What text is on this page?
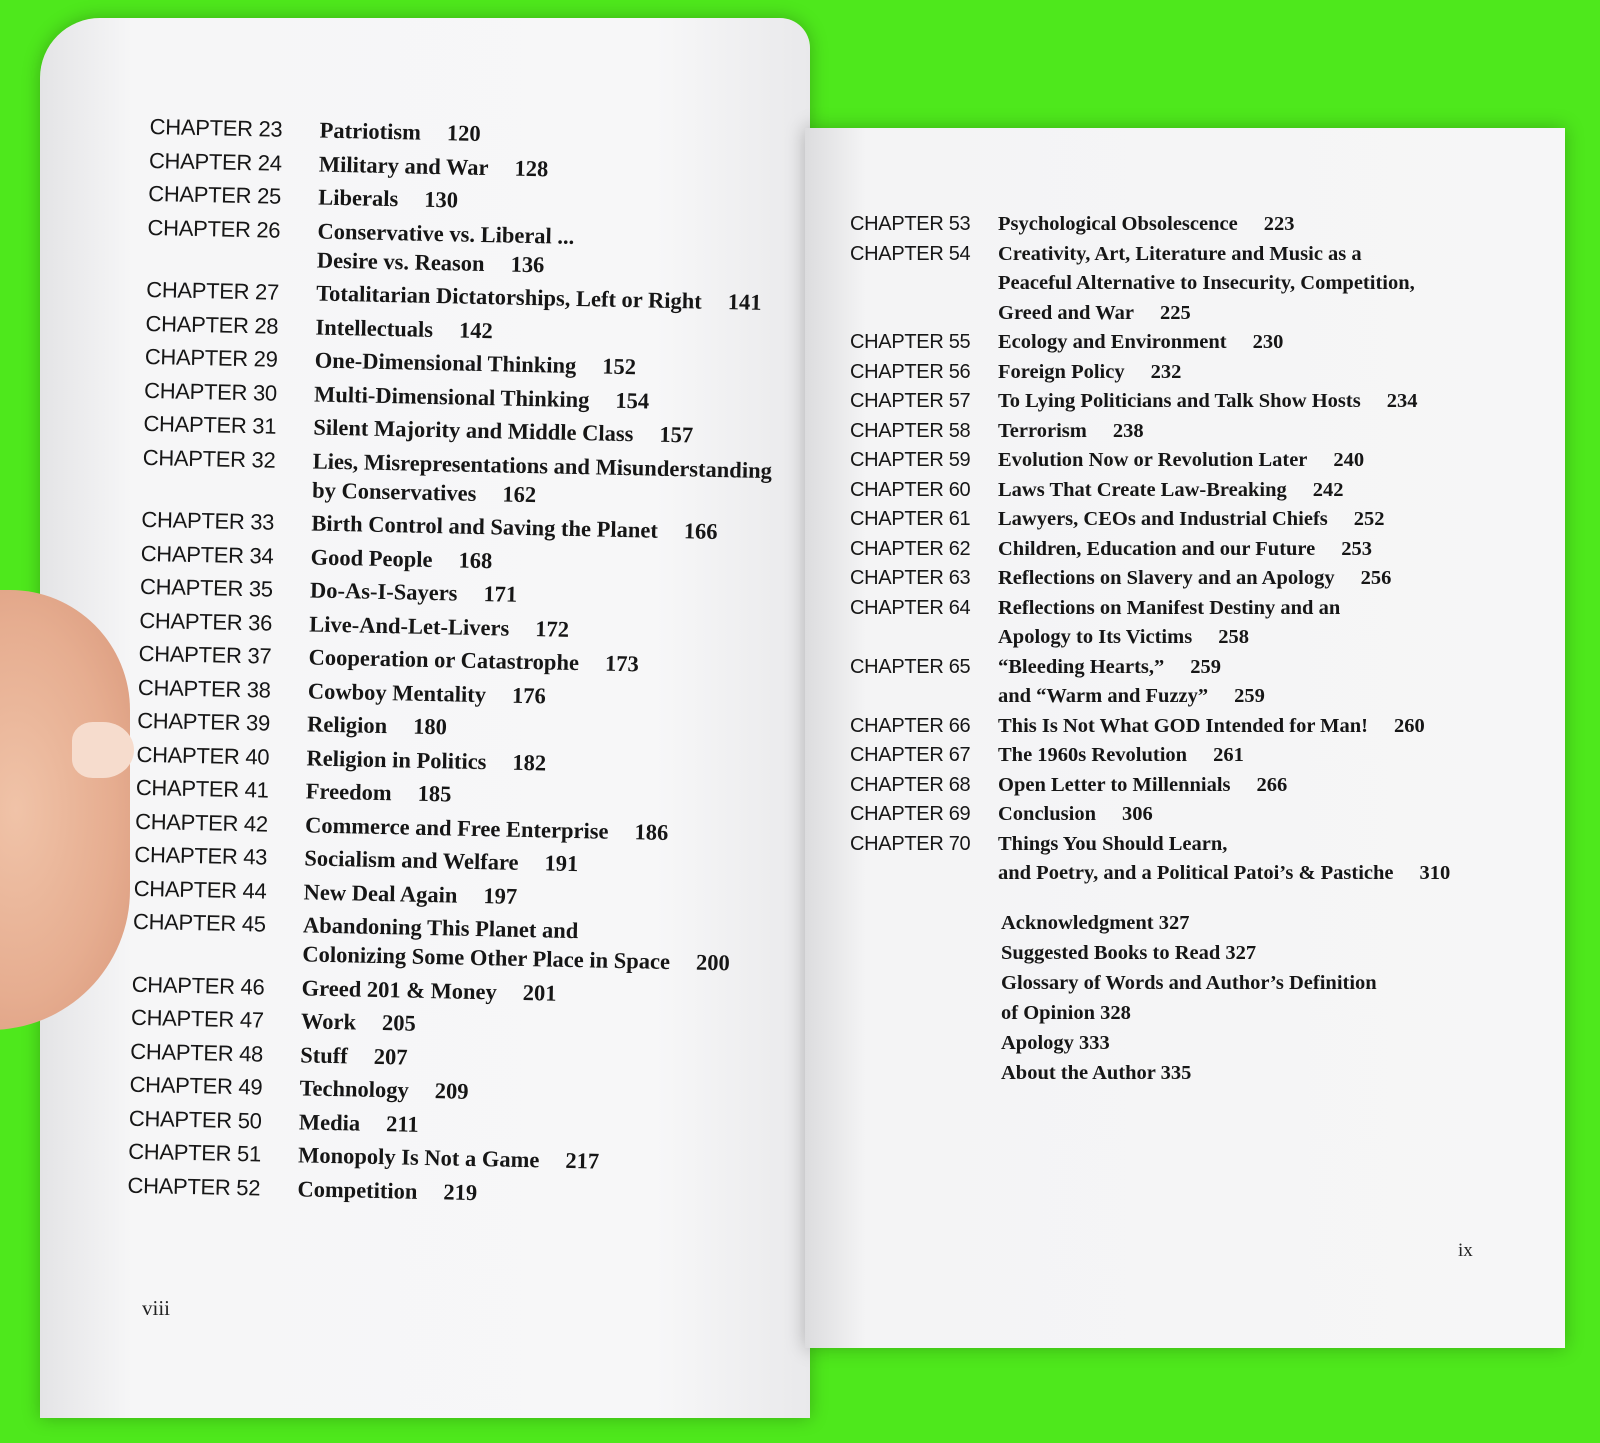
CHAPTER 23	Patriotism 120
CHAPTER 24	Military and War 128
CHAPTER 25	Liberals 130
CHAPTER 26	Conservative vs. Liberal ...
Desire vs. Reason 136
CHAPTER 27	Totalitarian Dictatorships, Left or Right 141
CHAPTER 28	Intellectuals 142
CHAPTER 29	One-Dimensional Thinking 152
CHAPTER 30	Multi-Dimensional Thinking 154
CHAPTER 31	Silent Majority and Middle Class 157
CHAPTER 32	Lies, Misrepresentations and Misunderstanding
by Conservatives 162
CHAPTER 33	Birth Control and Saving the Planet 166
CHAPTER 34	Good People 168
CHAPTER 35	Do-As-I-Sayers 171
CHAPTER 36	Live-And-Let-Livers 172
CHAPTER 37	Cooperation or Catastrophe 173
CHAPTER 38	Cowboy Mentality 176
CHAPTER 39	Religion 180
CHAPTER 40	Religion in Politics 182
CHAPTER 41	Freedom 185
CHAPTER 42	Commerce and Free Enterprise 186
CHAPTER 43	Socialism and Welfare 191
CHAPTER 44	New Deal Again 197
CHAPTER 45	Abandoning This Planet and
Colonizing Some Other Place in Space 200
CHAPTER 46	Greed 201 & Money 201
CHAPTER 47	Work 205
CHAPTER 48	Stuff 207
CHAPTER 49	Technology 209
CHAPTER 50	Media 211
CHAPTER 51	Monopoly Is Not a Game 217
CHAPTER 52	Competition 219
CHAPTER 53	Psychological Obsolescence 223
CHAPTER 54	Creativity, Art, Literature and Music as a
Peaceful Alternative to Insecurity, Competition,
Greed and War 225
CHAPTER 55	Ecology and Environment 230
CHAPTER 56	Foreign Policy 232
CHAPTER 57	To Lying Politicians and Talk Show Hosts 234
CHAPTER 58	Terrorism 238
CHAPTER 59	Evolution Now or Revolution Later 240
CHAPTER 60	Laws That Create Law-Breaking 242
CHAPTER 61	Lawyers, CEOs and Industrial Chiefs 252
CHAPTER 62	Children, Education and our Future 253
CHAPTER 63	Reflections on Slavery and an Apology 256
CHAPTER 64	Reflections on Manifest Destiny and an
Apology to Its Victims 258
CHAPTER 65	“Bleeding Hearts,” 259
and “Warm and Fuzzy” 259
CHAPTER 66	This Is Not What GOD Intended for Man! 260
CHAPTER 67	The 1960s Revolution 261
CHAPTER 68	Open Letter to Millennials 266
CHAPTER 69	Conclusion 306
CHAPTER 70	Things You Should Learn,
and Poetry, and a Political Patoi’s & Pastiche 310
Acknowledgment 327
Suggested Books to Read 327
Glossary of Words and Author’s Definition
of Opinion 328
Apology 333
About the Author 335
viii
ix
